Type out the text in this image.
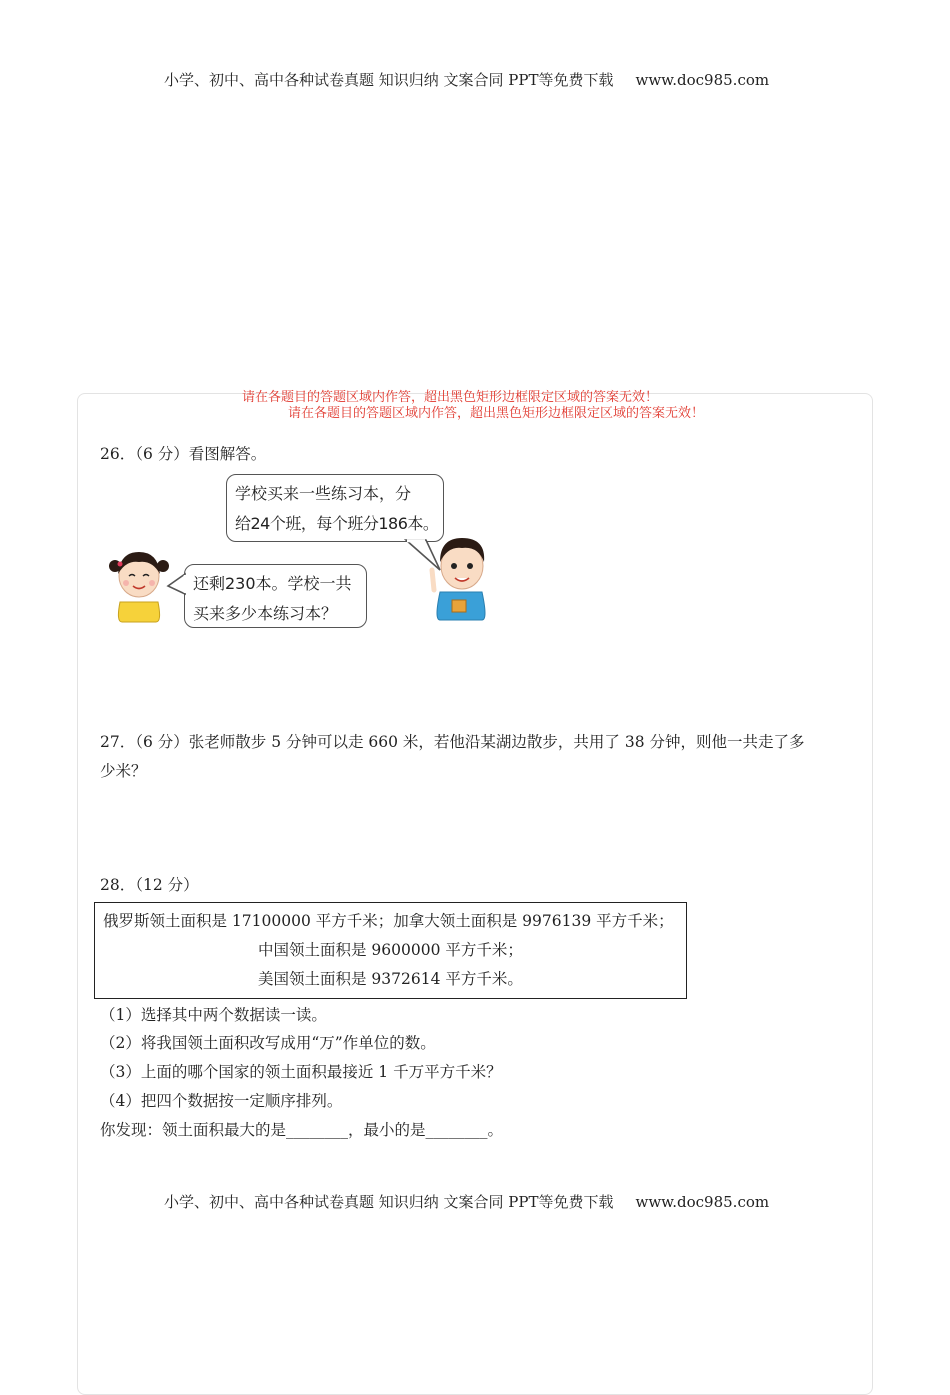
小学、初中、高中各种试卷真题 知识归纳 文案合同 PPT等免费下载 www.doc985.com
请在各题目的答题区域内作答，超出黑色矩形边框限定区域的答案无效！
请在各题目的答题区域内作答，超出黑色矩形边框限定区域的答案无效！
26．（6 分）看图解答。
学校买来一些练习本，分
给24个班，每个班分186本。
还剩230本。学校一共
买来多少本练习本？
27．（6 分）张老师散步 5 分钟可以走 660 米，若他沿某湖边散步，共用了 38 分钟，则他一共走了多
少米？
28．（12 分）
俄罗斯领土面积是 17100000 平方千米；加拿大领土面积是 9976139 平方千米；
中国领土面积是 9600000 平方千米；
美国领土面积是 9372614 平方千米。
（1）选择其中两个数据读一读。
（2）将我国领土面积改写成用“万”作单位的数。
（3）上面的哪个国家的领土面积最接近 1 千万平方千米？
（4）把四个数据按一定顺序排列。
你发现：领土面积最大的是________，最小的是________。
小学、初中、高中各种试卷真题 知识归纳 文案合同 PPT等免费下载 www.doc985.com
